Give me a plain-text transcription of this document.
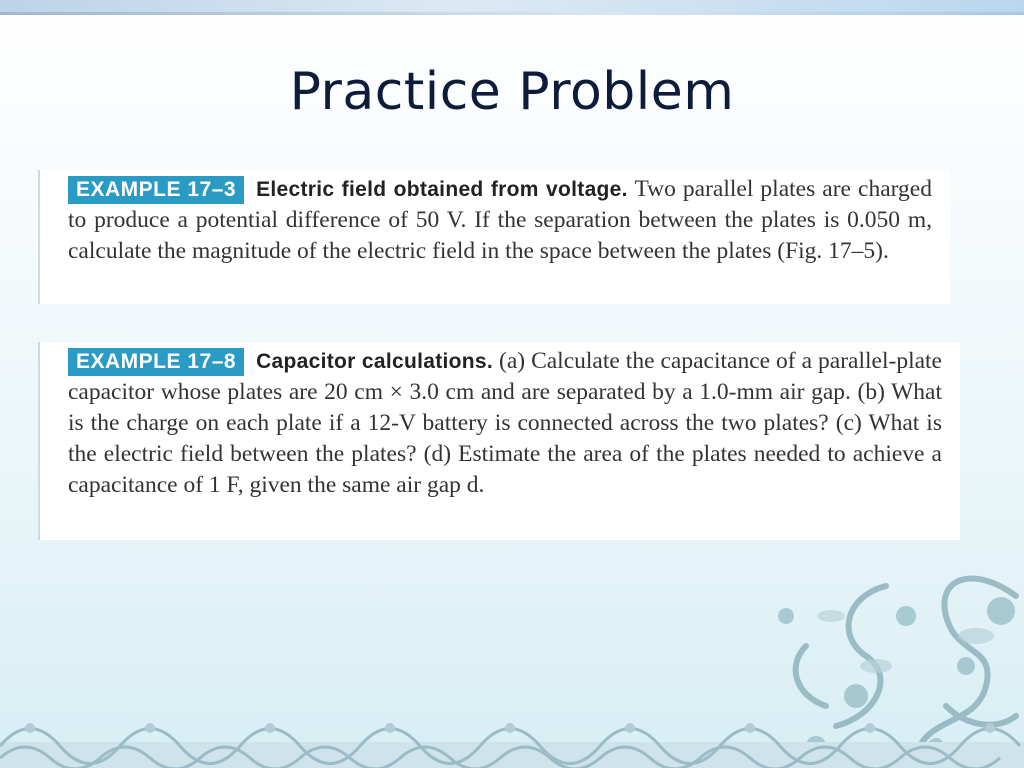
Practice Problem
EXAMPLE 17–3 Electric field obtained from voltage. Two parallel plates are charged to produce a potential difference of 50 V. If the separation between the plates is 0.050 m, calculate the magnitude of the electric field in the space between the plates (Fig. 17–5).
EXAMPLE 17–8 Capacitor calculations. (a) Calculate the capacitance of a parallel-plate capacitor whose plates are 20 cm × 3.0 cm and are separated by a 1.0-mm air gap. (b) What is the charge on each plate if a 12-V battery is connected across the two plates? (c) What is the electric field between the plates? (d) Estimate the area of the plates needed to achieve a capacitance of 1 F, given the same air gap d.
